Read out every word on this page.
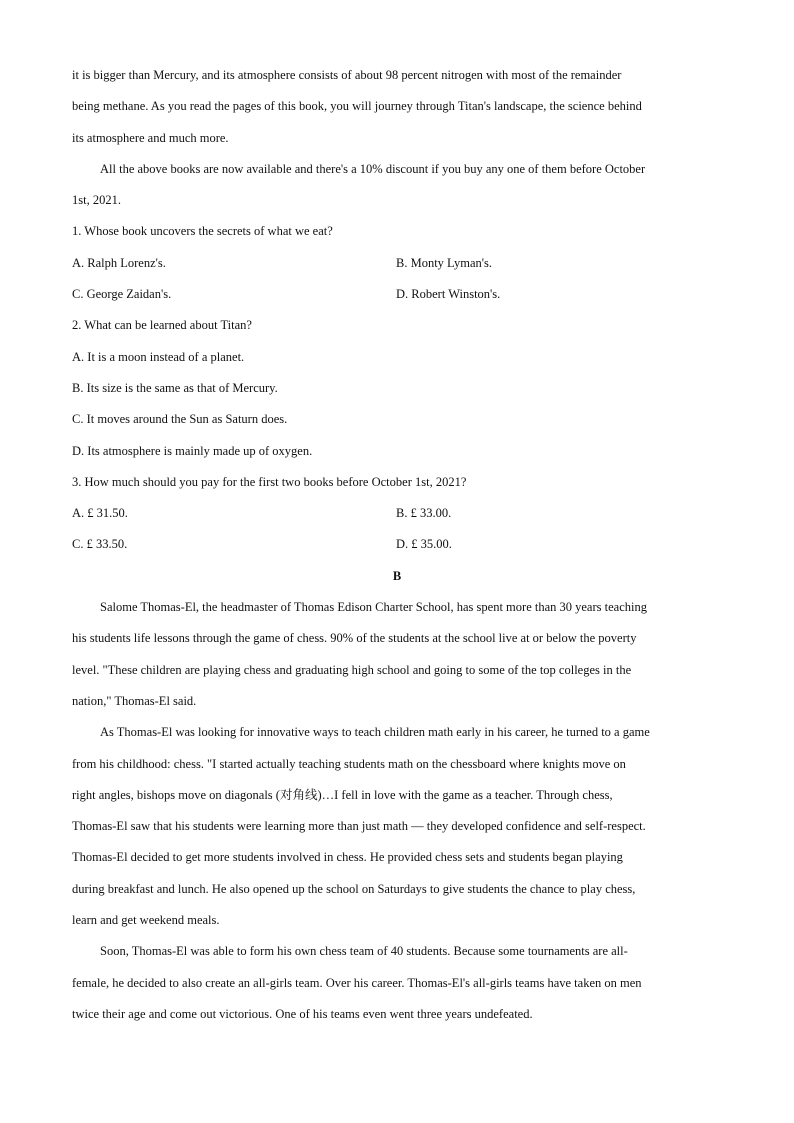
it is bigger than Mercury, and its atmosphere consists of about 98 percent nitrogen with most of the remainder
being methane. As you read the pages of this book, you will journey through Titan's landscape, the science behind
its atmosphere and much more.
All the above books are now available and there's a 10% discount if you buy any one of them before October
1st, 2021.
1. Whose book uncovers the secrets of what we eat?
A. Ralph Lorenz's.	B. Monty Lyman's.
C. George Zaidan's.	D. Robert Winston's.
2. What can be learned about Titan?
A. It is a moon instead of a planet.
B. Its size is the same as that of Mercury.
C. It moves around the Sun as Saturn does.
D. Its atmosphere is mainly made up of oxygen.
3. How much should you pay for the first two books before October 1st, 2021?
A. £ 31.50.	B. £ 33.00.
C. £ 33.50.	D. £ 35.00.
B
Salome Thomas-El, the headmaster of Thomas Edison Charter School, has spent more than 30 years teaching
his students life lessons through the game of chess. 90% of the students at the school live at or below the poverty
level. "These children are playing chess and graduating high school and going to some of the top colleges in the
nation," Thomas-El said.
As Thomas-El was looking for innovative ways to teach children math early in his career, he turned to a game
from his childhood: chess. "I started actually teaching students math on the chessboard where knights move on
right angles, bishops move on diagonals (对角线)…I fell in love with the game as a teacher. Through chess,
Thomas-El saw that his students were learning more than just math — they developed confidence and self-respect.
Thomas-El decided to get more students involved in chess. He provided chess sets and students began playing
during breakfast and lunch. He also opened up the school on Saturdays to give students the chance to play chess,
learn and get weekend meals.
Soon, Thomas-El was able to form his own chess team of 40 students. Because some tournaments are all-
female, he decided to also create an all-girls team. Over his career. Thomas-El's all-girls teams have taken on men
twice their age and come out victorious. One of his teams even went three years undefeated.
